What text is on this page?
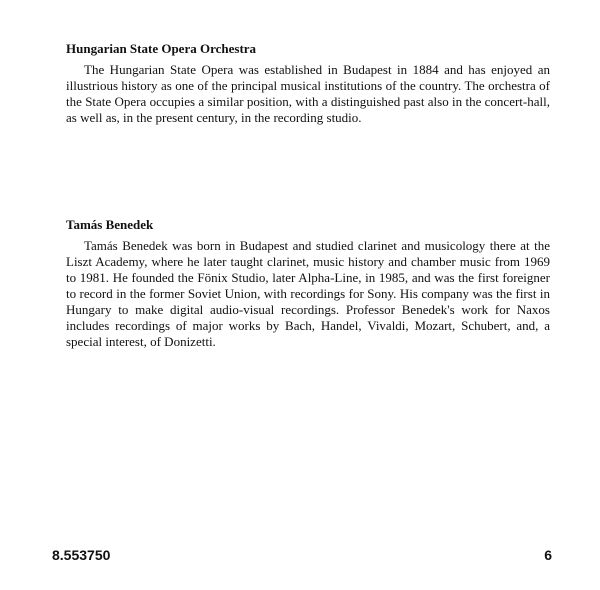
Hungarian State Opera Orchestra

The Hungarian State Opera was established in Budapest in 1884 and has enjoyed an illustrious history as one of the principal musical institutions of the country. The orchestra of the State Opera occupies a similar position, with a distinguished past also in the concert-hall, as well as, in the present century, in the recording studio.

Tamás Benedek

Tamás Benedek was born in Budapest and studied clarinet and musicology there at the Liszt Academy, where he later taught clarinet, music history and chamber music from 1969 to 1981. He founded the Fönix Studio, later Alpha-Line, in 1985, and was the first foreigner to record in the former Soviet Union, with recordings for Sony. His company was the first in Hungary to make digital audio-visual recordings. Professor Benedek's work for Naxos includes recordings of major works by Bach, Handel, Vivaldi, Mozart, Schubert, and, a special interest, of Donizetti.

8.553750	6
